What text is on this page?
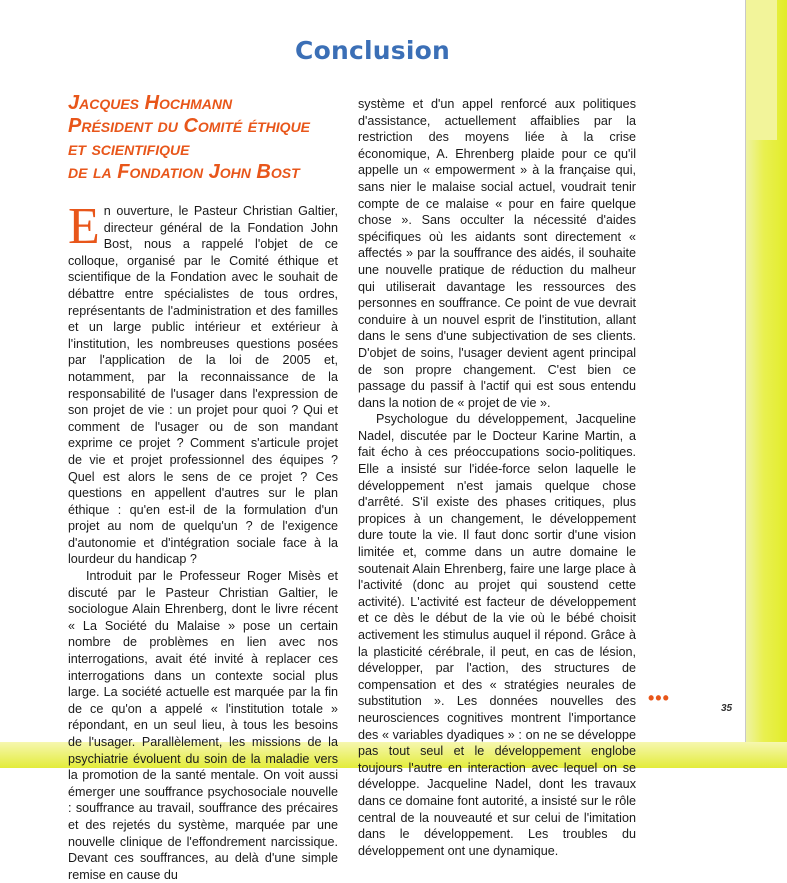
Conclusion
Jacques Hochmann
Président du Comité éthique
et scientifique
de la Fondation John Bost

En ouverture, le Pasteur Christian Galtier, directeur général de la Fondation John Bost, nous a rappelé l'objet de ce colloque, organisé par le Comité éthique et scientifique de la Fondation avec le souhait de débattre entre spécialistes de tous ordres, représentants de l'administration et des familles et un large public intérieur et extérieur à l'institution, les nombreuses questions posées par l'application de la loi de 2005 et, notamment, par la reconnaissance de la responsabilité de l'usager dans l'expression de son projet de vie : un projet pour quoi ? Qui et comment de l'usager ou de son mandant exprime ce projet ? Comment s'articule projet de vie et projet professionnel des équipes ? Quel est alors le sens de ce projet ? Ces questions en appellent d'autres sur le plan éthique : qu'en est-il de la formulation d'un projet au nom de quelqu'un ? de l'exigence d'autonomie et d'intégration sociale face à la lourdeur du handicap ?

Introduit par le Professeur Roger Misès et discuté par le Pasteur Christian Galtier, le sociologue Alain Ehrenberg, dont le livre récent « La Société du Malaise » pose un certain nombre de problèmes en lien avec nos interrogations, avait été invité à replacer ces interrogations dans un contexte social plus large. La société actuelle est marquée par la fin de ce qu'on a appelé « l'institution totale » répondant, en un seul lieu, à tous les besoins de l'usager. Parallèlement, les missions de la psychiatrie évoluent du soin de la maladie vers la promotion de la santé mentale. On voit aussi émerger une souffrance psychosociale nouvelle : souffrance au travail, souffrance des précaires et des rejetés du système, marquée par une nouvelle clinique de l'effondrement narcissique. Devant ces souffrances, au delà d'une simple remise en cause du

système et d'un appel renforcé aux politiques d'assistance, actuellement affaiblies par la restriction des moyens liée à la crise économique, A. Ehrenberg plaide pour ce qu'il appelle un « empowerment » à la française qui, sans nier le malaise social actuel, voudrait tenir compte de ce malaise « pour en faire quelque chose ». Sans occulter la nécessité d'aides spécifiques où les aidants sont directement « affectés » par la souffrance des aidés, il souhaite une nouvelle pratique de réduction du malheur qui utiliserait davantage les ressources des personnes en souffrance. Ce point de vue devrait conduire à un nouvel esprit de l'institution, allant dans le sens d'une subjectivation de ses clients. D'objet de soins, l'usager devient agent principal de son propre changement. C'est bien ce passage du passif à l'actif qui est sous entendu dans la notion de « projet de vie ».

Psychologue du développement, Jacqueline Nadel, discutée par le Docteur Karine Martin, a fait écho à ces préoccupations socio-politiques. Elle a insisté sur l'idée-force selon laquelle le développement n'est jamais quelque chose d'arrêté. S'il existe des phases critiques, plus propices à un changement, le développement dure toute la vie. Il faut donc sortir d'une vision limitée et, comme dans un autre domaine le soutenait Alain Ehrenberg, faire une large place à l'activité (donc au projet qui soustend cette activité). L'activité est facteur de développement et ce dès le début de la vie où le bébé choisit activement les stimulus auquel il répond. Grâce à la plasticité cérébrale, il peut, en cas de lésion, développer, par l'action, des structures de compensation et des « stratégies neurales de substitution ». Les données nouvelles des neurosciences cognitives montrent l'importance des « variables dyadiques » : on ne se développe pas tout seul et le développement englobe toujours l'autre en interaction avec lequel on se développe. Jacqueline Nadel, dont les travaux dans ce domaine font autorité, a insisté sur le rôle central de la nouveauté et sur celui de l'imitation dans le développement. Les troubles du développement ont une dynamique.

•••
35
